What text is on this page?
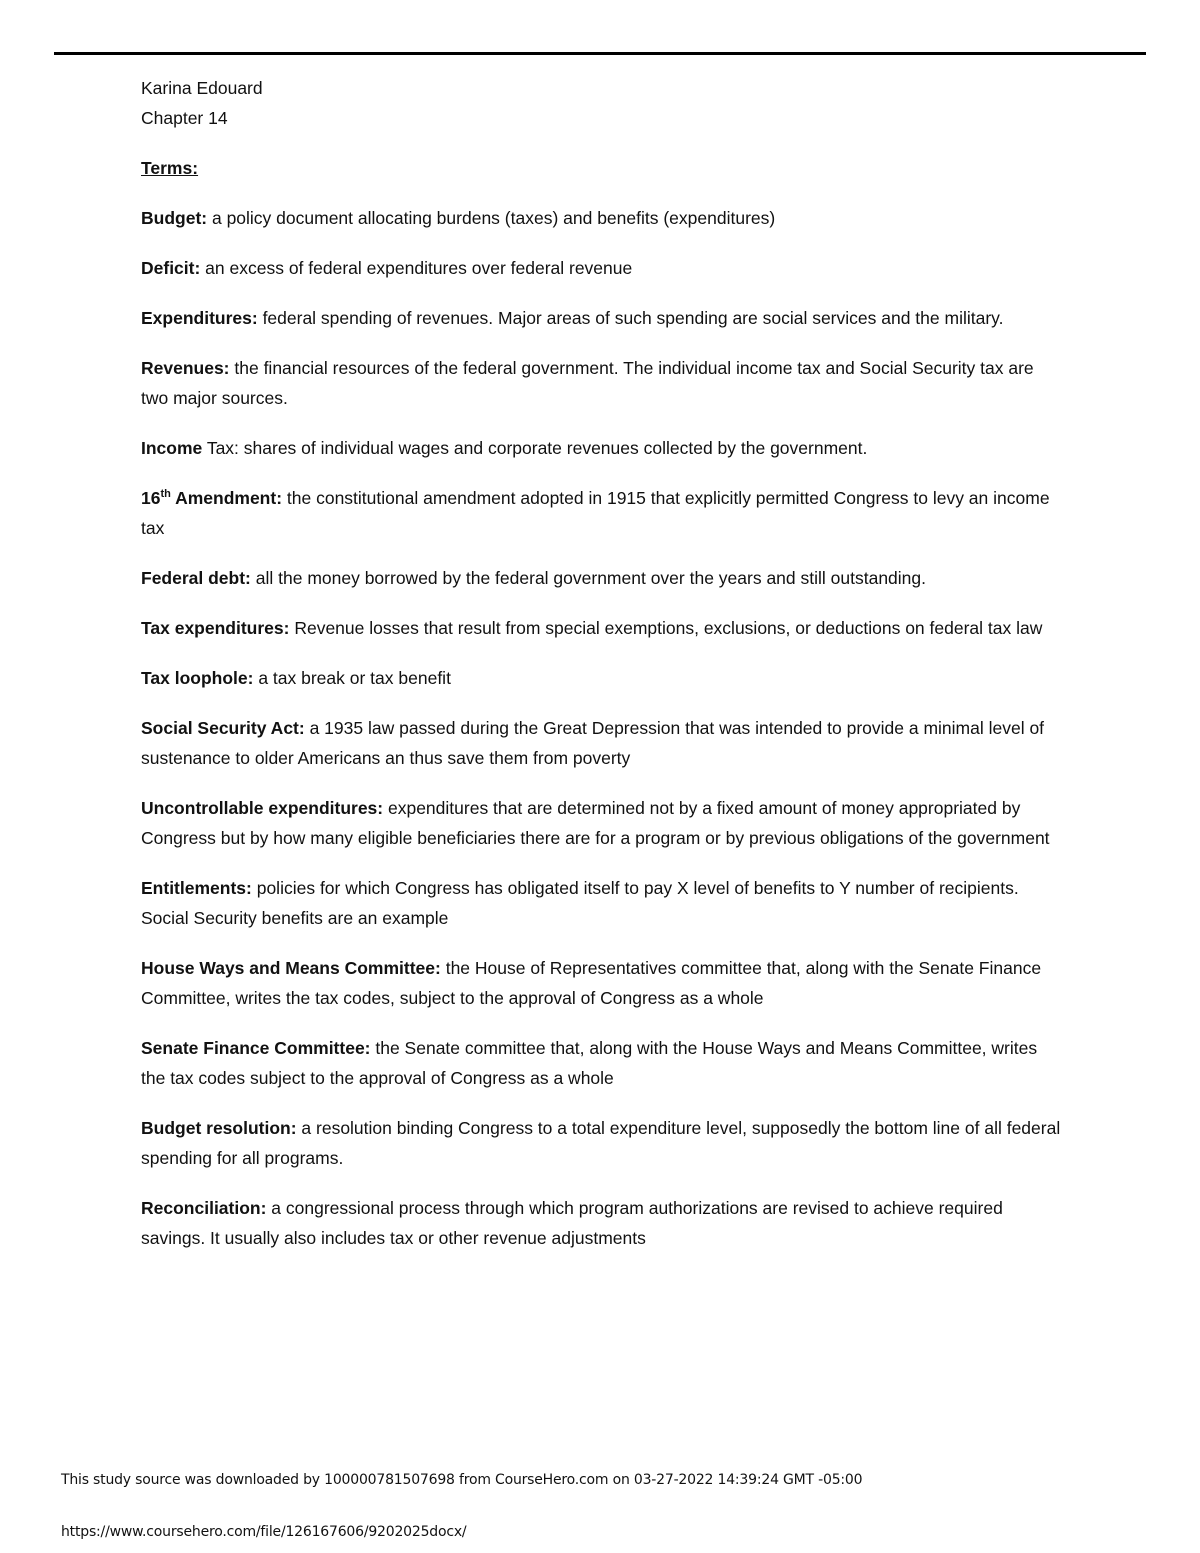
Karina Edouard

Chapter 14

Terms:

Budget: a policy document allocating burdens (taxes) and benefits (expenditures)

Deficit: an excess of federal expenditures over federal revenue

Expenditures: federal spending of revenues. Major areas of such spending are social services and the military.

Revenues: the financial resources of the federal government. The individual income tax and Social Security tax are two major sources.

Income Tax: shares of individual wages and corporate revenues collected by the government.

16th Amendment: the constitutional amendment adopted in 1915 that explicitly permitted Congress to levy an income tax

Federal debt: all the money borrowed by the federal government over the years and still outstanding.

Tax expenditures: Revenue losses that result from special exemptions, exclusions, or deductions on federal tax law

Tax loophole: a tax break or tax benefit

Social Security Act: a 1935 law passed during the Great Depression that was intended to provide a minimal level of sustenance to older Americans an thus save them from poverty

Uncontrollable expenditures: expenditures that are determined not by a fixed amount of money appropriated by Congress but by how many eligible beneficiaries there are for a program or by previous obligations of the government

Entitlements: policies for which Congress has obligated itself to pay X level of benefits to Y number of recipients. Social Security benefits are an example

House Ways and Means Committee: the House of Representatives committee that, along with the Senate Finance Committee, writes the tax codes, subject to the approval of Congress as a whole

Senate Finance Committee: the Senate committee that, along with the House Ways and Means Committee, writes the tax codes subject to the approval of Congress as a whole

Budget resolution: a resolution binding Congress to a total expenditure level, supposedly the bottom line of all federal spending for all programs.

Reconciliation: a congressional process through which program authorizations are revised to achieve required savings. It usually also includes tax or other revenue adjustments

This study source was downloaded by 100000781507698 from CourseHero.com on 03-27-2022 14:39:24 GMT -05:00
https://www.coursehero.com/file/126167606/9202025docx/
